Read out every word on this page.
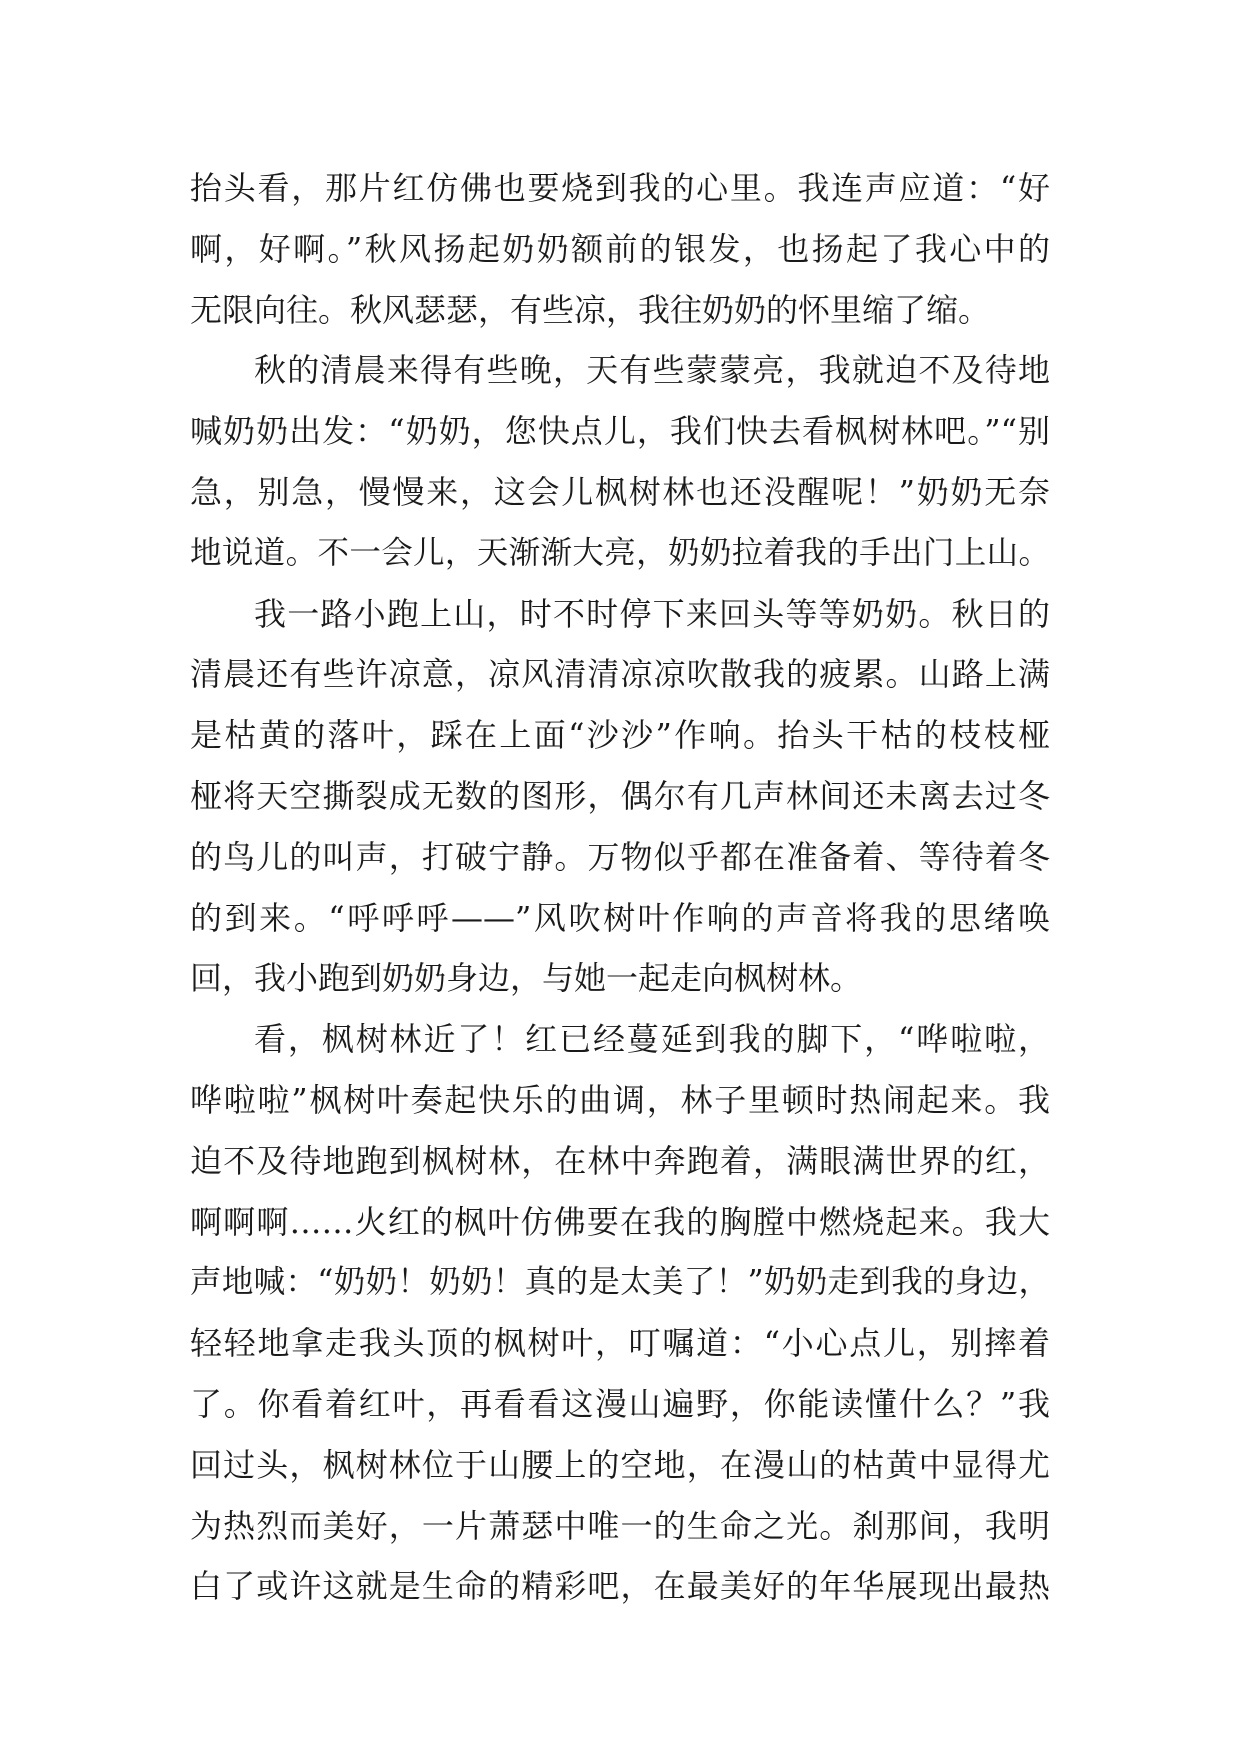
抬头看，那片红仿佛也要烧到我的心里。我连声应道：“好
啊，好啊。”秋风扬起奶奶额前的银发，也扬起了我心中的
无限向往。秋风瑟瑟，有些凉，我往奶奶的怀里缩了缩。
秋的清晨来得有些晚，天有些蒙蒙亮，我就迫不及待地
喊奶奶出发：“奶奶，您快点儿，我们快去看枫树林吧。”“别
急，别急，慢慢来，这会儿枫树林也还没醒呢！”奶奶无奈
地说道。不一会儿，天渐渐大亮，奶奶拉着我的手出门上山。
我一路小跑上山，时不时停下来回头等等奶奶。秋日的
清晨还有些许凉意，凉风清清凉凉吹散我的疲累。山路上满
是枯黄的落叶，踩在上面“沙沙”作响。抬头干枯的枝枝桠
桠将天空撕裂成无数的图形，偶尔有几声林间还未离去过冬
的鸟儿的叫声，打破宁静。万物似乎都在准备着、等待着冬
的到来。“呼呼呼——”风吹树叶作响的声音将我的思绪唤
回，我小跑到奶奶身边，与她一起走向枫树林。
看，枫树林近了！红已经蔓延到我的脚下，“哗啦啦，
哗啦啦”枫树叶奏起快乐的曲调，林子里顿时热闹起来。我
迫不及待地跑到枫树林，在林中奔跑着，满眼满世界的红，
啊啊啊……火红的枫叶仿佛要在我的胸膛中燃烧起来。我大
声地喊：“奶奶！奶奶！真的是太美了！”奶奶走到我的身边，
轻轻地拿走我头顶的枫树叶，叮嘱道：“小心点儿，别摔着
了。你看着红叶，再看看这漫山遍野，你能读懂什么？”我
回过头，枫树林位于山腰上的空地，在漫山的枯黄中显得尤
为热烈而美好，一片萧瑟中唯一的生命之光。刹那间，我明
白了或许这就是生命的精彩吧，在最美好的年华展现出最热
